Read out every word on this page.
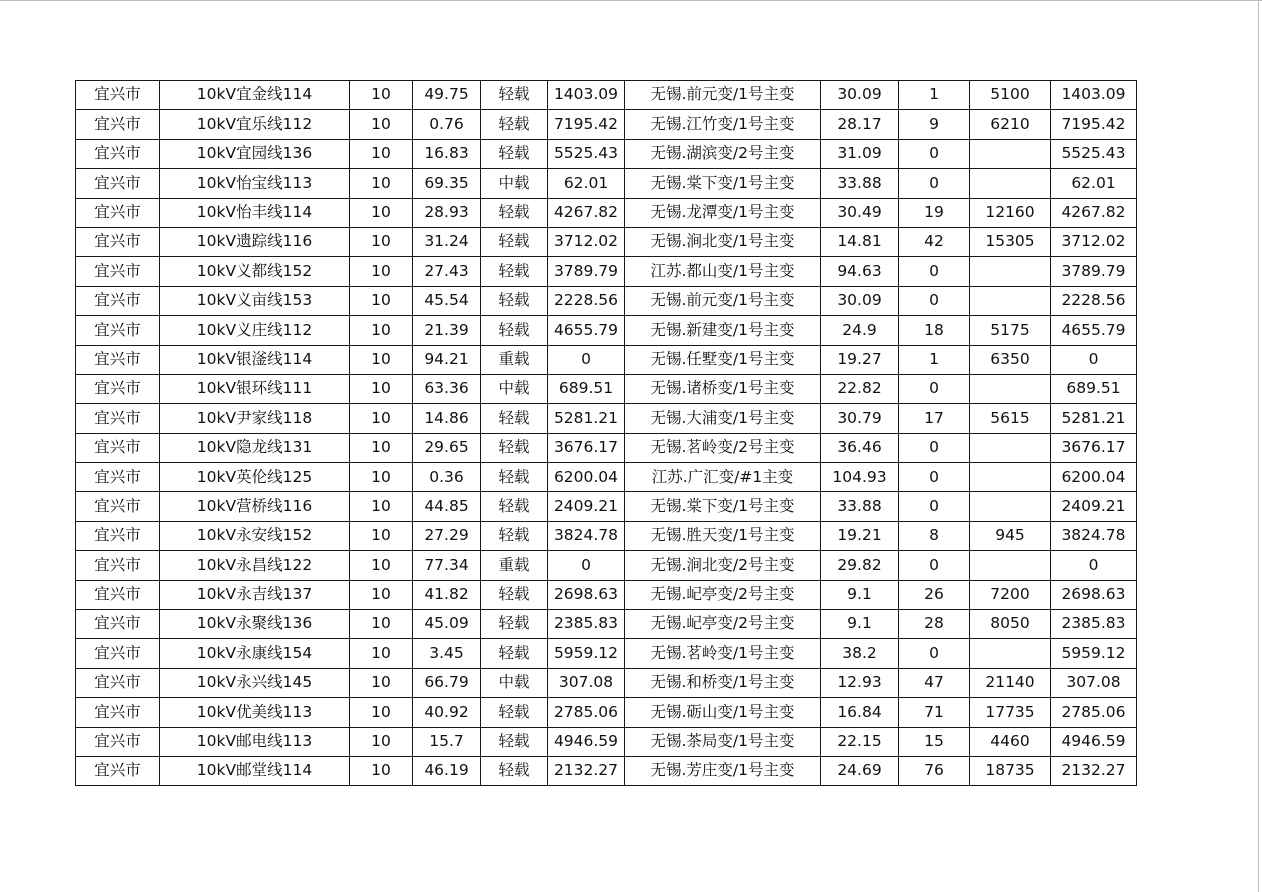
宜兴市	10kV宜金线114	10	49.75	轻载	1403.09	无锡.前元变/1号主变	30.09	1	5100	1403.09
宜兴市	10kV宜乐线112	10	0.76	轻载	7195.42	无锡.江竹变/1号主变	28.17	9	6210	7195.42
宜兴市	10kV宜园线136	10	16.83	轻载	5525.43	无锡.湖滨变/2号主变	31.09	0		5525.43
宜兴市	10kV怡宝线113	10	69.35	中载	62.01	无锡.棠下变/1号主变	33.88	0		62.01
宜兴市	10kV怡丰线114	10	28.93	轻载	4267.82	无锡.龙潭变/1号主变	30.49	19	12160	4267.82
宜兴市	10kV遗踪线116	10	31.24	轻载	3712.02	无锡.涧北变/1号主变	14.81	42	15305	3712.02
宜兴市	10kV义都线152	10	27.43	轻载	3789.79	江苏.都山变/1号主变	94.63	0		3789.79
宜兴市	10kV义亩线153	10	45.54	轻载	2228.56	无锡.前元变/1号主变	30.09	0		2228.56
宜兴市	10kV义庄线112	10	21.39	轻载	4655.79	无锡.新建变/1号主变	24.9	18	5175	4655.79
宜兴市	10kV银滏线114	10	94.21	重载	0	无锡.任墅变/1号主变	19.27	1	6350	0
宜兴市	10kV银环线111	10	63.36	中载	689.51	无锡.诸桥变/1号主变	22.82	0		689.51
宜兴市	10kV尹家线118	10	14.86	轻载	5281.21	无锡.大浦变/1号主变	30.79	17	5615	5281.21
宜兴市	10kV隐龙线131	10	29.65	轻载	3676.17	无锡.茗岭变/2号主变	36.46	0		3676.17
宜兴市	10kV英伦线125	10	0.36	轻载	6200.04	江苏.广汇变/#1主变	104.93	0		6200.04
宜兴市	10kV营桥线116	10	44.85	轻载	2409.21	无锡.棠下变/1号主变	33.88	0		2409.21
宜兴市	10kV永安线152	10	27.29	轻载	3824.78	无锡.胜天变/1号主变	19.21	8	945	3824.78
宜兴市	10kV永昌线122	10	77.34	重载	0	无锡.涧北变/2号主变	29.82	0		0
宜兴市	10kV永吉线137	10	41.82	轻载	2698.63	无锡.屺亭变/2号主变	9.1	26	7200	2698.63
宜兴市	10kV永聚线136	10	45.09	轻载	2385.83	无锡.屺亭变/2号主变	9.1	28	8050	2385.83
宜兴市	10kV永康线154	10	3.45	轻载	5959.12	无锡.茗岭变/1号主变	38.2	0		5959.12
宜兴市	10kV永兴线145	10	66.79	中载	307.08	无锡.和桥变/1号主变	12.93	47	21140	307.08
宜兴市	10kV优美线113	10	40.92	轻载	2785.06	无锡.砺山变/1号主变	16.84	71	17735	2785.06
宜兴市	10kV邮电线113	10	15.7	轻载	4946.59	无锡.茶局变/1号主变	22.15	15	4460	4946.59
宜兴市	10kV邮堂线114	10	46.19	轻载	2132.27	无锡.芳庄变/1号主变	24.69	76	18735	2132.27
